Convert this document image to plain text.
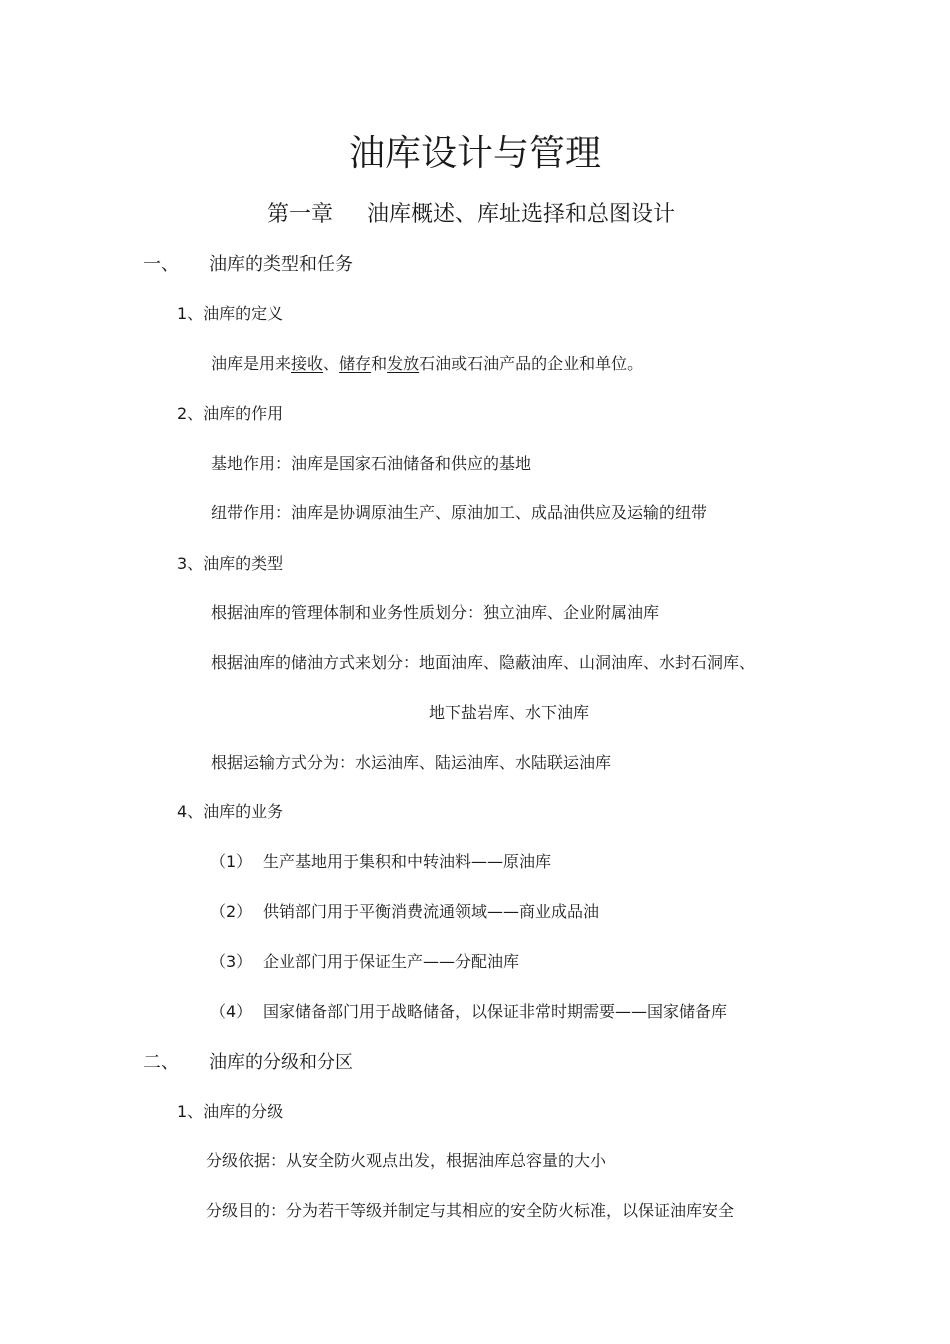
油库设计与管理
第一章 油库概述、库址选择和总图设计
一、 油库的类型和任务
1、油库的定义
油库是用来接收、储存和发放石油或石油产品的企业和单位。
2、油库的作用
基地作用：油库是国家石油储备和供应的基地
纽带作用：油库是协调原油生产、原油加工、成品油供应及运输的纽带
3、油库的类型
根据油库的管理体制和业务性质划分：独立油库、企业附属油库
根据油库的储油方式来划分：地面油库、隐蔽油库、山洞油库、水封石洞库、
地下盐岩库、水下油库
根据运输方式分为：水运油库、陆运油库、水陆联运油库
4、油库的业务
（1） 生产基地用于集积和中转油料——原油库
（2） 供销部门用于平衡消费流通领域——商业成品油
（3） 企业部门用于保证生产——分配油库
（4） 国家储备部门用于战略储备，以保证非常时期需要——国家储备库
二、 油库的分级和分区
1、油库的分级
分级依据：从安全防火观点出发，根据油库总容量的大小
分级目的：分为若干等级并制定与其相应的安全防火标准，以保证油库安全
